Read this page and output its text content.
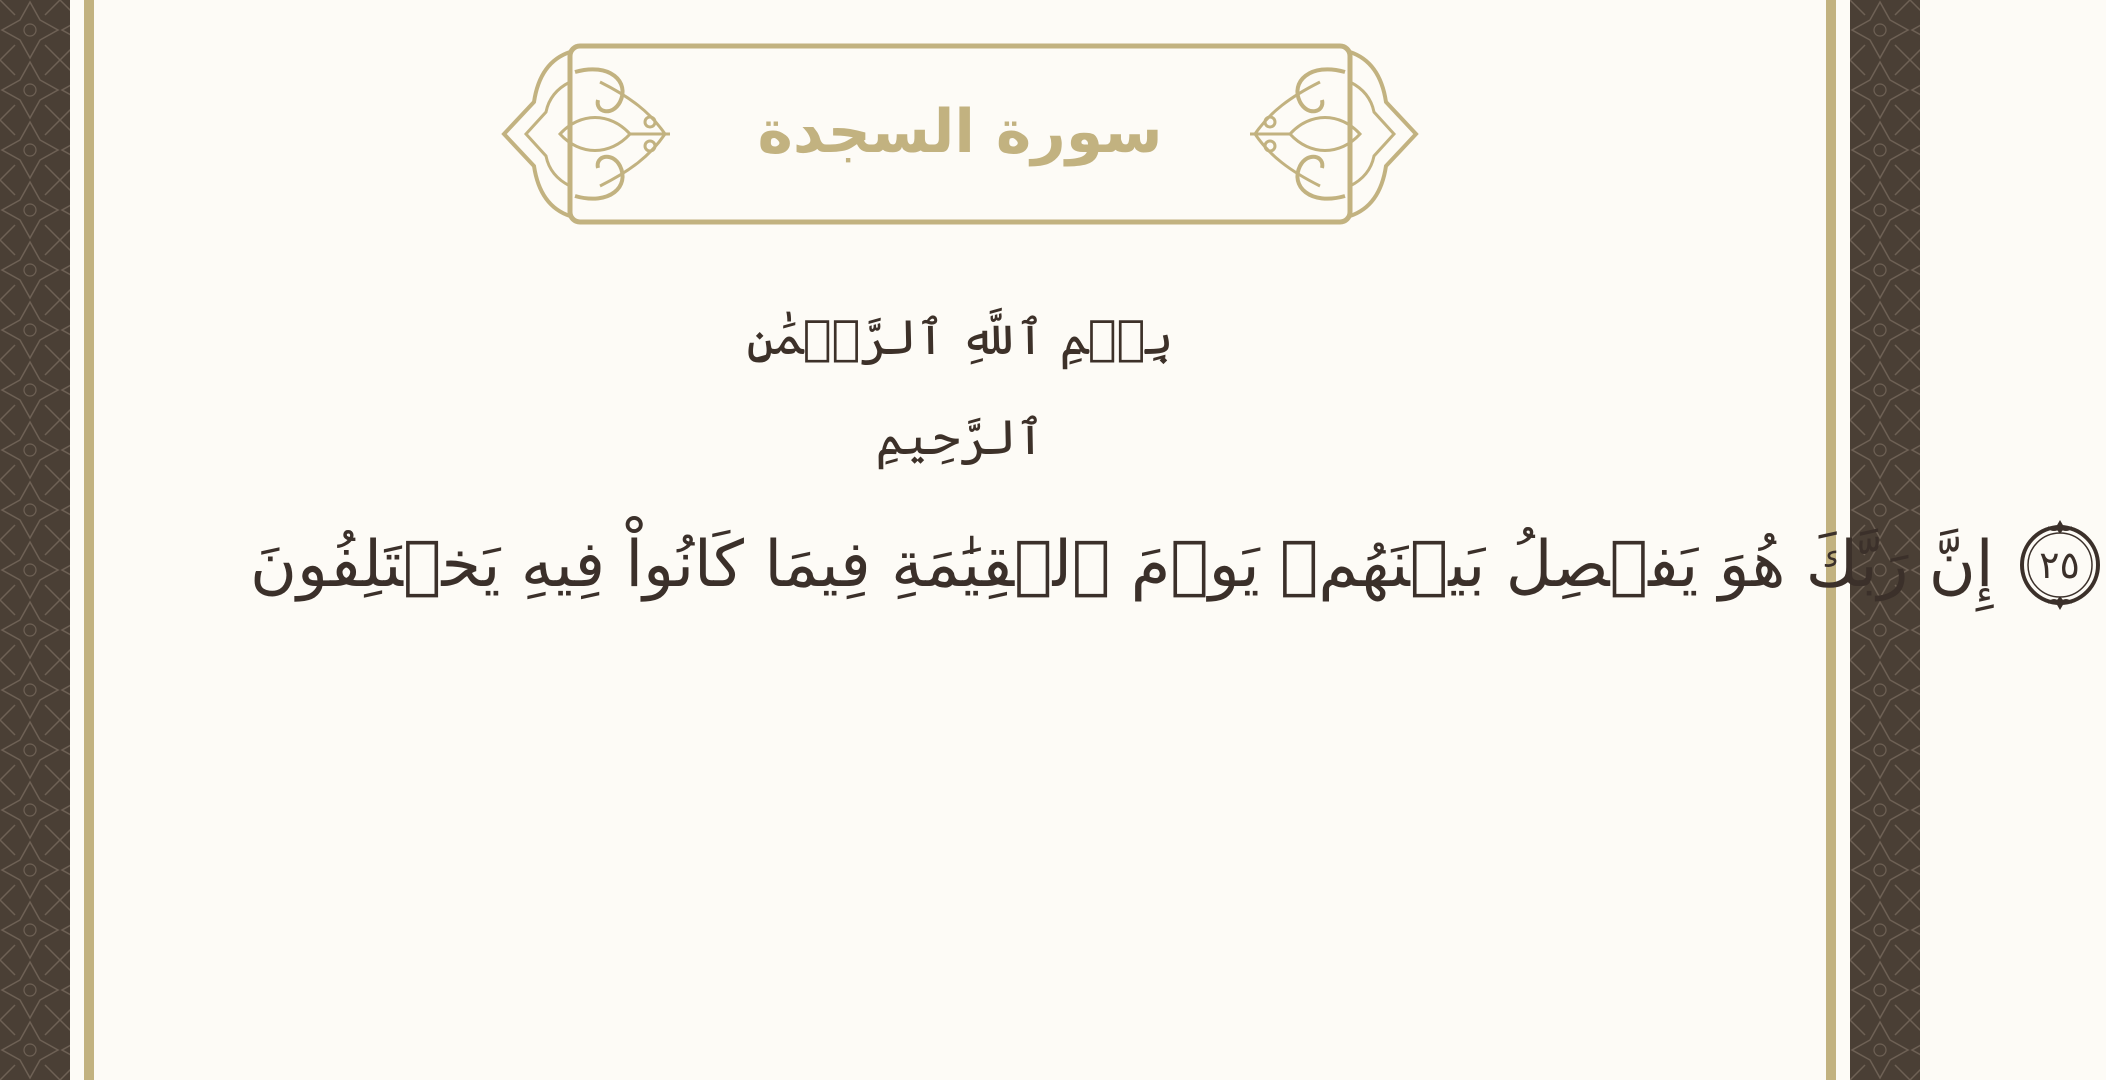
سورة السجدة
بِسۡمِ ٱللَّهِ ٱلرَّحۡمَٰنِ ٱلرَّحِيمِ
إِنَّ رَبَّكَ هُوَ يَفۡصِلُ بَيۡنَهُمۡ يَوۡمَ ٱلۡقِيَٰمَةِ فِيمَا كَانُواْ فِيهِ يَخۡتَلِفُونَ	٢٥
